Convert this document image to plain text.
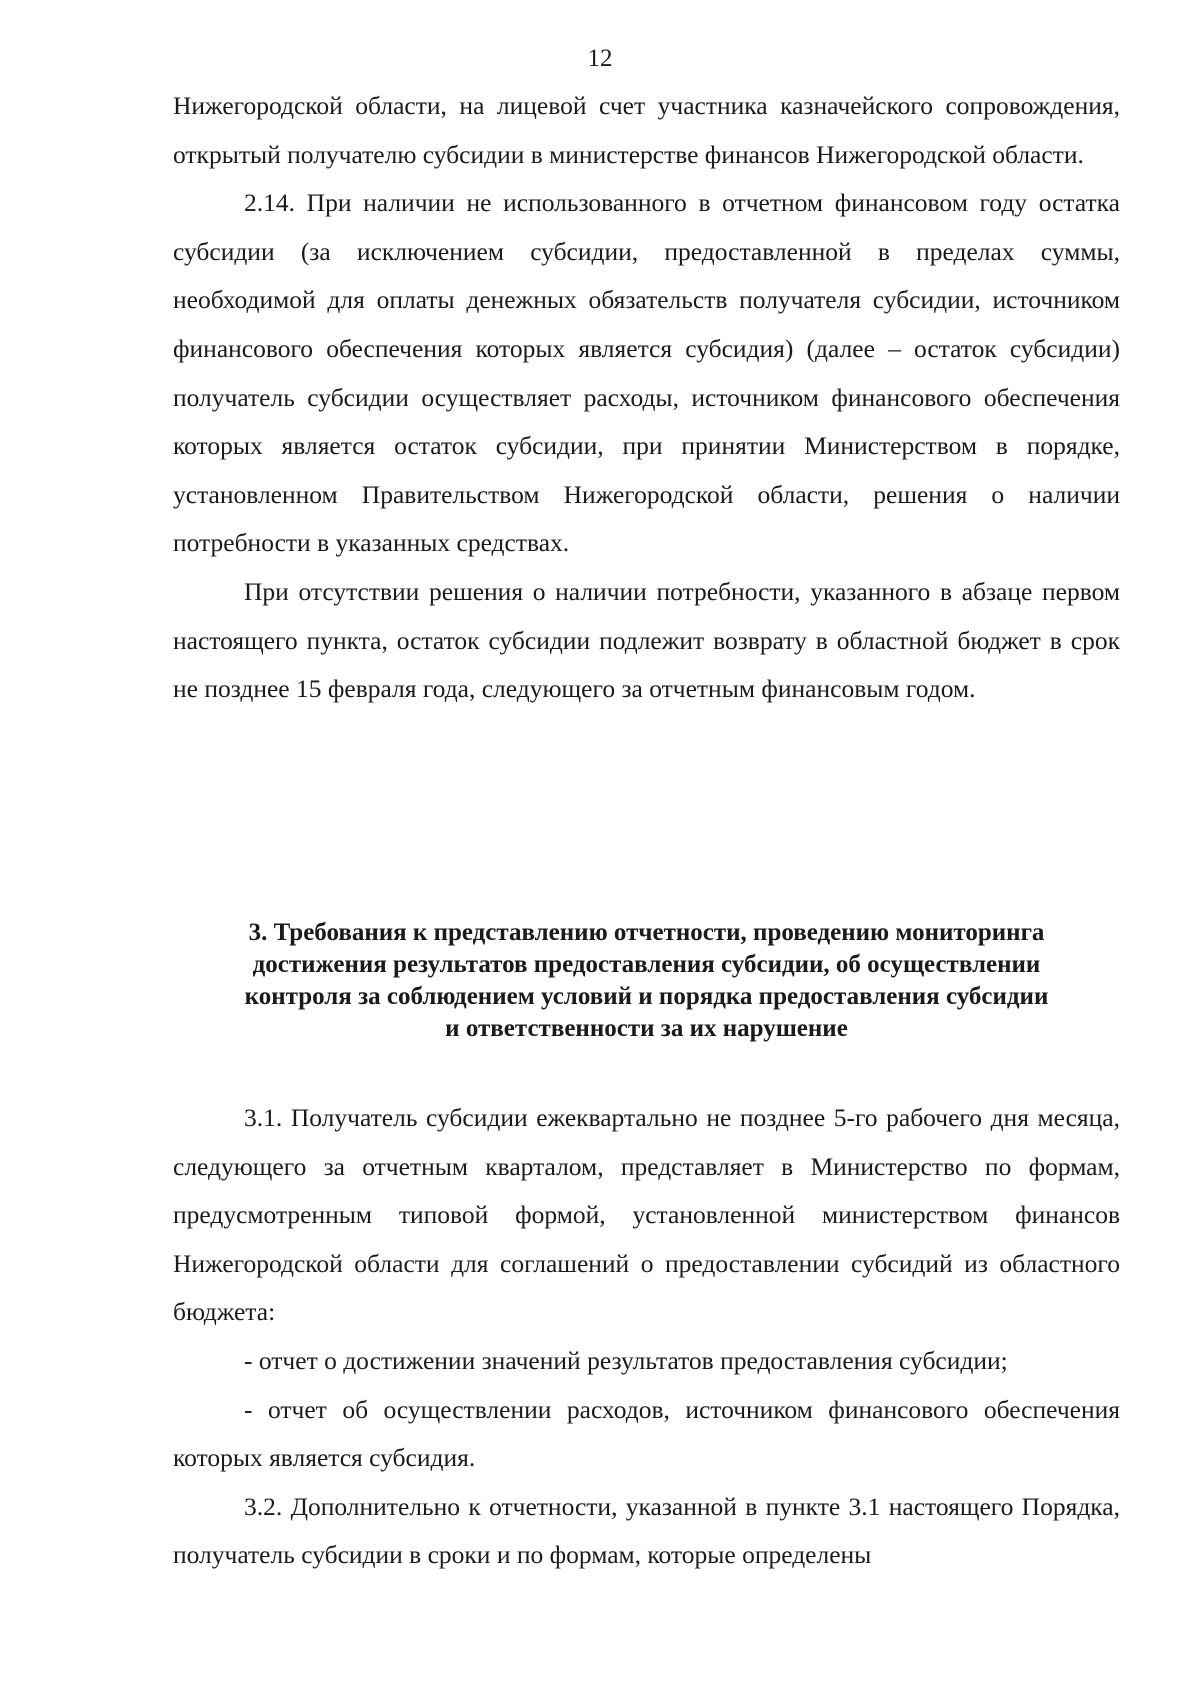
12

Нижегородской области, на лицевой счет участника казначейского сопровождения, открытый получателю субсидии в министерстве финансов Нижегородской области.

2.14. При наличии не использованного в отчетном финансовом году остатка субсидии (за исключением субсидии, предоставленной в пределах суммы, необходимой для оплаты денежных обязательств получателя субсидии, источником финансового обеспечения которых является субсидия) (далее – остаток субсидии) получатель субсидии осуществляет расходы, источником финансового обеспечения которых является остаток субсидии, при принятии Министерством в порядке, установленном Правительством Нижегородской области, решения о наличии потребности в указанных средствах.

При отсутствии решения о наличии потребности, указанного в абзаце первом настоящего пункта, остаток субсидии подлежит возврату в областной бюджет в срок не позднее 15 февраля года, следующего за отчетным финансовым годом.

3. Требования к представлению отчетности, проведению мониторинга
достижения результатов предоставления субсидии, об осуществлении
контроля за соблюдением условий и порядка предоставления субсидии
и ответственности за их нарушение

3.1. Получатель субсидии ежеквартально не позднее 5-го рабочего дня месяца, следующего за отчетным кварталом, представляет в Министерство по формам, предусмотренным типовой формой, установленной министерством финансов Нижегородской области для соглашений о предоставлении субсидий из областного бюджета:

- отчет о достижении значений результатов предоставления субсидии;

- отчет об осуществлении расходов, источником финансового обеспечения которых является субсидия.

3.2. Дополнительно к отчетности, указанной в пункте 3.1 настоящего Порядка, получатель субсидии в сроки и по формам, которые определены
